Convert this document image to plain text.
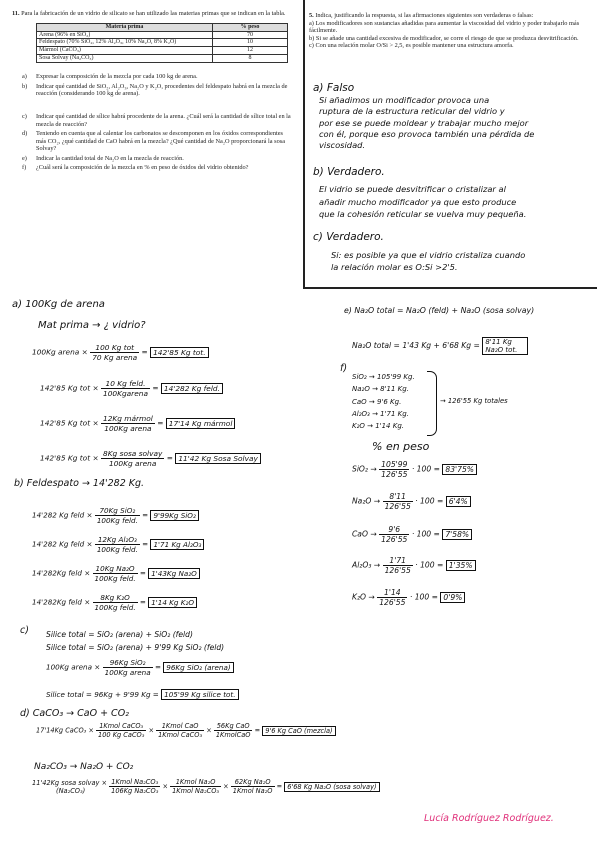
11. Para la fabricación de un vidrio de silicato se han utilizado las materias primas que se indican en la tabla.

Materia prima	% peso
Arena (96% en SiO₂)	70
Feldespato (70% SiO₂, 12% Al₂O₃, 10% Na₂O, 8% K₂O)	10
Mármol (CaCO₃)	12
Sosa Solvay (Na₂CO₃)	8
a)	Expresar la composición de la mezcla por cada 100 kg de arena.
b)	Indicar qué cantidad de SiO₂, Al₂O₃, Na₂O y K₂O, procedentes del feldespato habrá en la mezcla de reacción (considerando 100 kg de arena).
c)	Indicar qué cantidad de sílice habrá procedente de la arena. ¿Cuál será la cantidad de sílice total en la mezcla de reacción?
d)	Teniendo en cuenta que al calentar los carbonatos se descomponen en los óxidos correspondientes más CO₂, ¿qué cantidad de CaO habrá en la mezcla? ¿Qué cantidad de Na₂O proporcionará la sosa Solvay?
e)	Indicar la cantidad total de Na₂O en la mezcla de reacción.
f)	¿Cuál será la composición de la mezcla en % en peso de óxidos del vidrio obtenido?
5. Indica, justificando la respuesta, si las afirmaciones siguientes son verdaderas o falsas:
a) Los modificadores son sustancias añadidas para aumentar la viscosidad del vidrio y poder trabajarlo más fácilmente.
b) Si se añade una cantidad excesiva de modificador, se corre el riesgo de que se produzca desvitrificación.
c) Con una relación molar O/Si > 2,5, es posible mantener una estructura amorfa.
a) Falso
Si añadimos un modificador provoca una
ruptura de la estructura reticular del vidrio y
por ese se puede moldear y trabajar mucho mejor
con él, porque eso provoca también una pérdida de
viscosidad.
b) Verdadero.
El vidrio se puede desvitrificar o cristalizar al
añadir mucho modificador ya que esto produce
que la cohesión reticular se vuelva muy pequeña.
c) Verdadero.
Si: es posible ya que el vidrio cristaliza cuando
la relación molar es O:Si >2'5.
a) 100Kg de arena
Mat prima → ¿ vidrio?
100Kg arena × $\frac{\text{100 Kg tot}}{\text{70 Kg arena}} = 142'85$ Kg tot.
142'85 Kg tot × $\frac{\text{10 Kg feld.}}{\text{100Kgarena}} = 14'282$ Kg feld.
142'85 Kg tot × $\frac{\text{12Kg mármol}}{\text{100Kg arena}} = 17'14$ Kg mármol
142'85 Kg tot × $\frac{\text{8Kg sosa solvay}}{\text{100Kg arena}} = 11'42$ Kg Sosa Solvay
b) Feldespato → 14'282 Kg.
14'282 Kg feld × $\frac{\text{70Kg SiO₂}}{\text{100Kg feld.}} = 9'99Kg$ SiO₂
14'282 Kg feld × $\frac{\text{12Kg Al₂O₃}}{\text{100Kg feld.}} = 1'71$ Kg Al₂O₃
14'282Kg feld × $\frac{\text{10Kg Na₂O}}{\text{100Kg feld.}} = 1'43Kg$ Na₂O
14'282Kg feld × $\frac{\text{8Kg K₂O}}{\text{100Kg feld.}} = 1'14$ Kg K₂O
c) Silice total = SiO₂ (arena) + SiO₂ (feld)
Silice total = SiO₂ (arena) + 9'99 Kg SiO₂ (feld)
100Kg arena × $\frac{\text{96Kg SiO₂}}{\text{100Kg arena}} = 96Kg$ SiO₂ (arena)
Silice total = 96Kg + 9'99 Kg = 105'99 Kg silice tot.
d) CaCO₃ → CaO + CO₂
17'14Kg CaCO₃ × $\frac{\text{1Kmol CaCO₃}}{\text{100 Kg CaCO₃}} \times \frac{\text{1Kmol CaO}}{\text{1Kmol CaCO₃}} \times \frac{\text{56Kg CaO}}{\text{1KmolCaO}} = 9'6$ Kg CaO (mezcla)
Na₂CO₃ → Na₂O + CO₂
11'42Kg sosa solvay ×
(Na₂CO₃)
	$\frac{\text{1Kmol Na₂CO₃}}{\text{106Kg Na₂CO₃}} \times \frac{\text{1Kmol Na₂O}}{\text{1Kmol Na₂CO₃}} \times \frac{\text{62Kg Na₂O}}{\text{1Kmol Na₂O}} = 6'68$ Kg Na₂O (sosa solvay)
e) Na₂O total = Na₂O (feld) + Na₂O (sosa solvay)
Na₂O total = 1'43 Kg + 6'68 Kg = 8'11 Kg Na₂O tot.
f)
SiO₂ → 105'99 Kg.
Na₂O → 8'11 Kg.
CaO → 9'6 Kg.
Al₂O₃ → 1'71 Kg.
K₂O → 1'14 Kg.
→ 126'55 Kg totales
% en peso
$SiO_2 \to \frac{105'99}{126'55} \cdot 100 = 83'75\%$
$Na_2O \to \frac{8'11}{126'55} \cdot 100 = 6'4\%$
CaO → $\frac{9'6}{126'55} \cdot 100 = 7'58\%$
$Al_2O_3 \to \frac{1'71}{126'55} \cdot 100 = 1'35\%$
$K_2O \to \frac{1'14}{126'55} \cdot 100 = 0'9\%$
Lucía Rodríguez Rodríguez.
